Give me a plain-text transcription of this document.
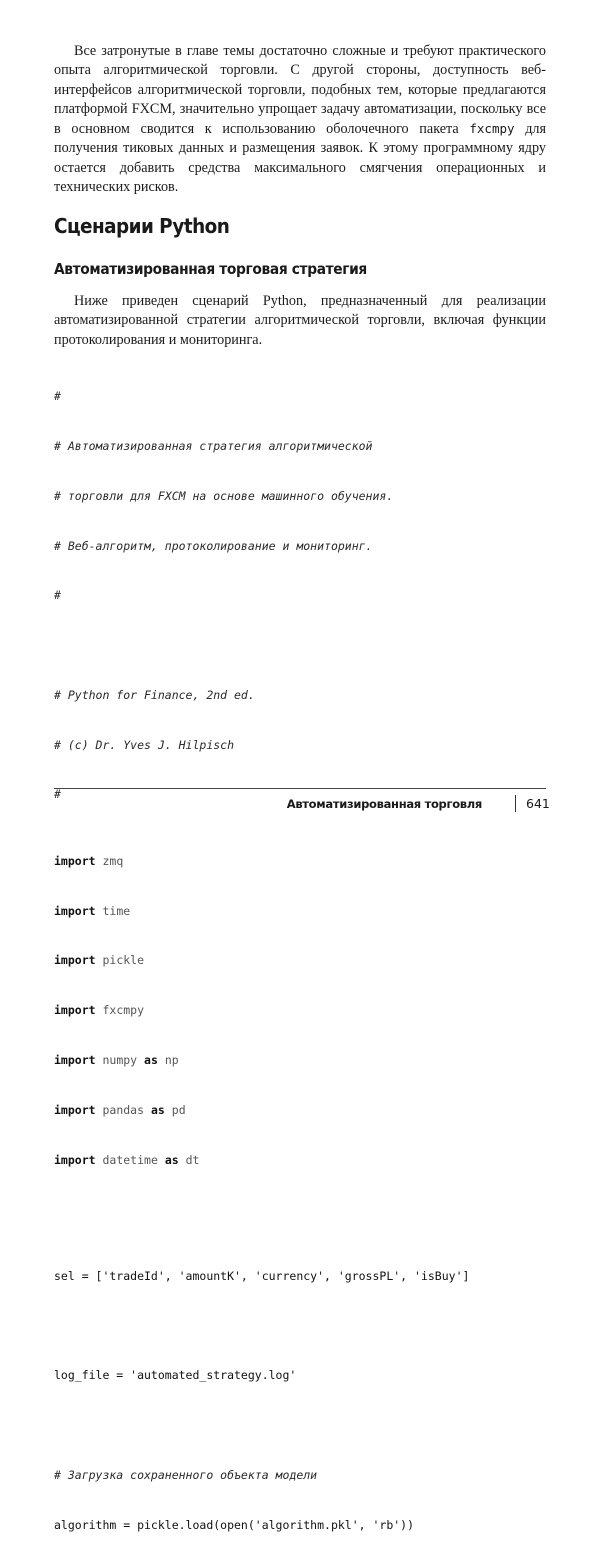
Все затронутые в главе темы достаточно сложные и требуют практического опыта алгоритмической торговли. С другой стороны, доступность веб-интерфейсов алгоритмической торговли, подобных тем, которые предлагаются платформой FXCM, значительно упрощает задачу автоматизации, поскольку все в основном сводится к использованию оболочечного пакета fxcmpy для получения тиковых данных и размещения заявок. К этому программному ядру остается добавить средства максимального смягчения операционных и технических рисков.

Сценарии Python
Автоматизированная торговая стратегия

Ниже приведен сценарий Python, предназначенный для реализации автоматизированной стратегии алгоритмической торговли, включая функции протоколирования и мониторинга.

#

# Автоматизированная стратегия алгоритмической

# торговли для FXCM на основе машинного обучения.

# Веб-алгоритм, протоколирование и мониторинг.

#

# Python for Finance, 2nd ed.

# (c) Dr. Yves J. Hilpisch

#

import zmq

import time

import pickle

import fxcmpy

import numpy as np

import pandas as pd

import datetime as dt

sel = ['tradeId', 'amountK', 'currency', 'grossPL', 'isBuy']

log_file = 'automated_strategy.log'

# Загрузка сохраненного объекта модели

algorithm = pickle.load(open('algorithm.pkl', 'rb'))

Автоматизированная торговля	641
